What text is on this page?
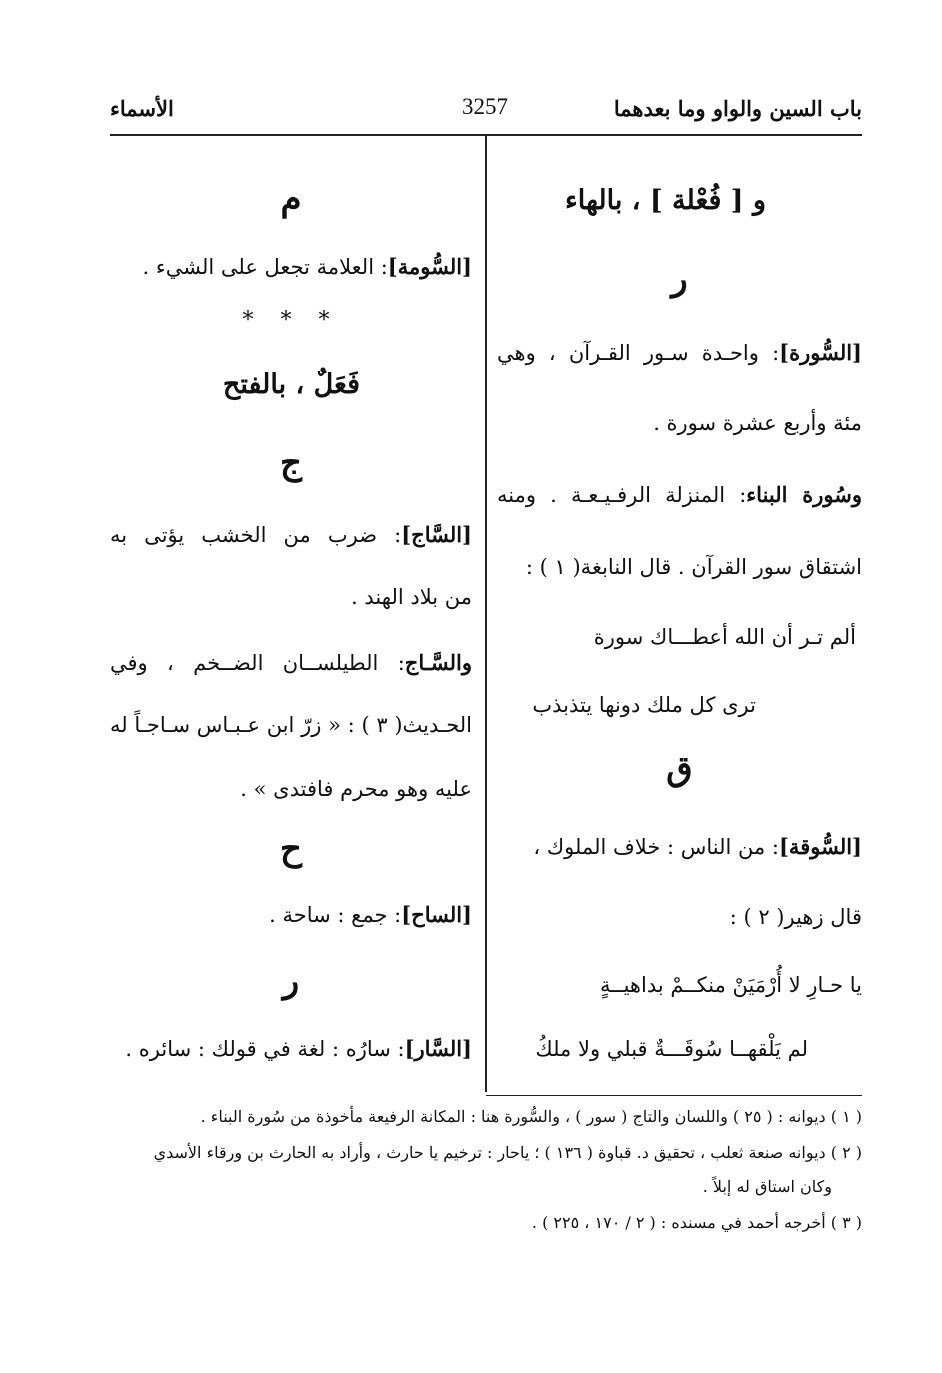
باب السين والواو وما بعدهما
3257
الأسماء
و [ فُعْلة ] ، بالهاء
ر
[السُّورة]: واحـدة سـور القـرآن ، وهي
مئة وأربع عشرة سورة .
وسُورة البناء: المنزلة الرفـيـعـة . ومنه
اشتقاق سور القرآن . قال النابغة( ١ ) :
ألم تـر أن الله أعطـــاك سورة
ترى كل ملك دونها يتذبذب
ق
[السُّوقة]: من الناس : خلاف الملوك ،
قال زهير( ٢ ) :
يا حـارِ لا أُرْمَيَنْ منكــمْ بداهيــةٍ
لم يَلْقهــا سُوقَـــةٌ قبلي ولا ملكُ
م
[السُّومة]: العلامة تجعل على الشيء .
* * *
فَعَلٌ ، بالفتح
ج
[السَّاج]: ضرب من الخشب يؤتى به
من بلاد الهند .
والسَّـاج: الطيلســان الضــخم ، وفي
الحـديث( ٣ ) : « زرّ ابن عـبـاس سـاجـاً له
عليه وهو محرم فافتدى » .
ح
[الساح]: جمع : ساحة .
ر
[السَّار]: سارُه : لغة في قولك : سائره .
( ١ ) ديوانه : ( ٢٥ ) واللسان والتاج ( سور ) ، والسُّورة هنا : المكانة الرفيعة مأخوذة من سُورة البناء .
( ٢ ) ديوانه صنعة ثعلب ، تحقيق د. قباوة ( ١٣٦ ) ؛ ياحار : ترخيم يا حارث ، وأراد به الحارث بن ورقاء الأسدي
وكان استاق له إبلاً .
( ٣ ) أخرجه أحمد في مسنده : ( ٢ / ١٧٠ ، ٢٢٥ ) .
